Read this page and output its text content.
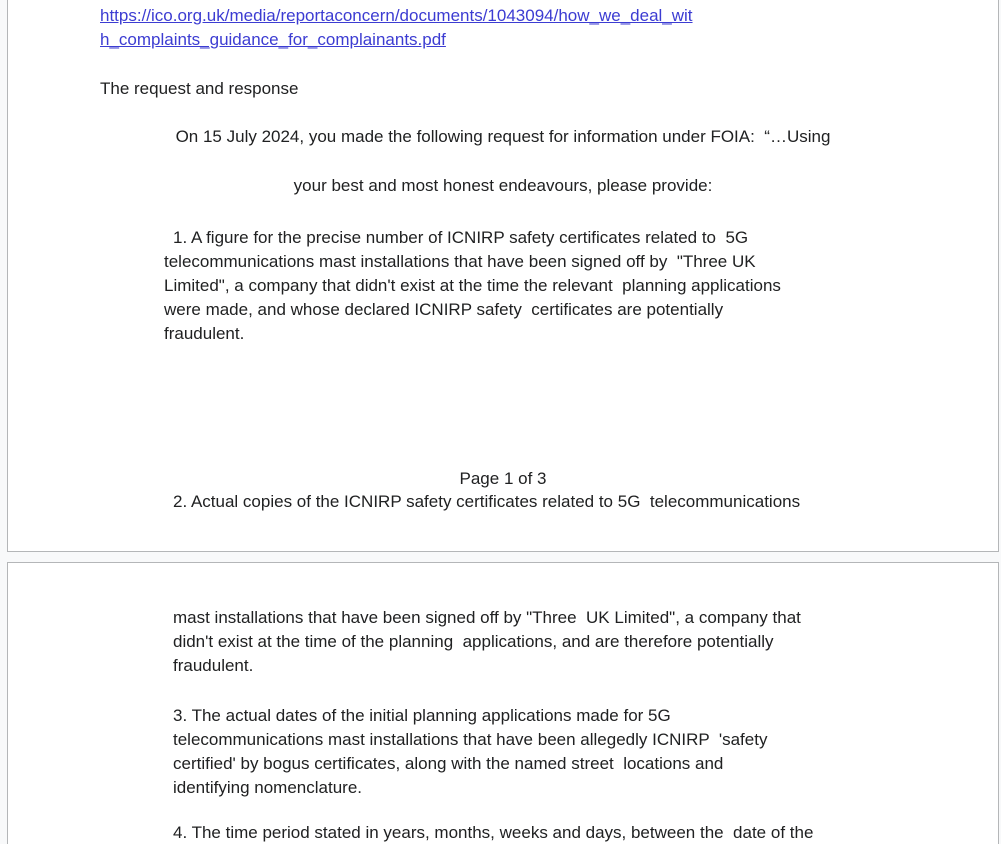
https://ico.org.uk/media/reportaconcern/documents/1043094/how_we_deal_wit
h_complaints_guidance_for_complainants.pdf

The request and response

On 15 July 2024, you made the following request for information under FOIA:  “…Using

your best and most honest endeavours, please provide:

1. A figure for the precise number of ICNIRP safety certificates related to  5G
telecommunications mast installations that have been signed off by  "Three UK
Limited", a company that didn't exist at the time the relevant  planning applications
were made, and whose declared ICNIRP safety  certificates are potentially
fraudulent.

Page 1 of 3

2. Actual copies of the ICNIRP safety certificates related to 5G  telecommunications

mast installations that have been signed off by "Three  UK Limited", a company that
didn't exist at the time of the planning  applications, and are therefore potentially
fraudulent.
3. The actual dates of the initial planning applications made for 5G
telecommunications mast installations that have been allegedly ICNIRP  'safety
certified' by bogus certificates, along with the named street  locations and
identifying nomenclature.
4. The time period stated in years, months, weeks and days, between the  date of the
